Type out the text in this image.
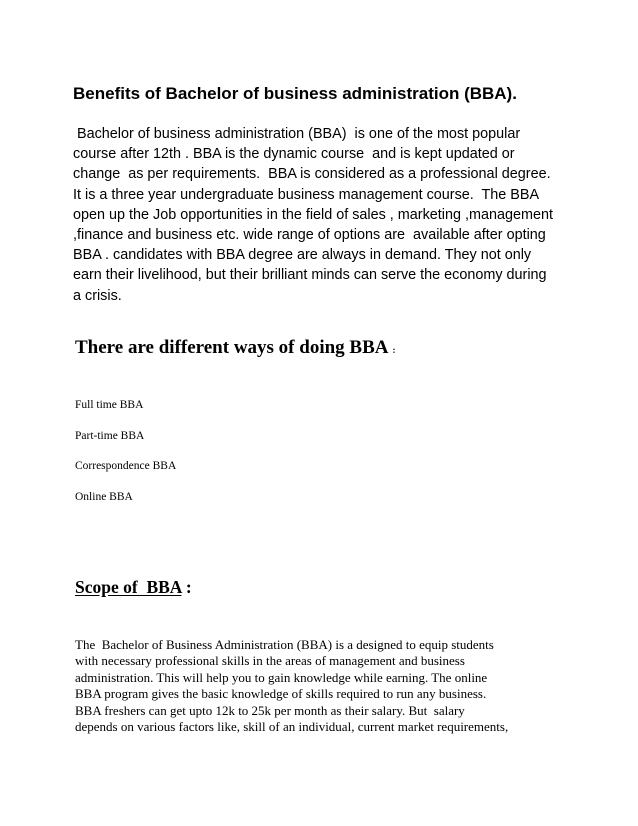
Benefits of Bachelor of business administration (BBA).

Bachelor of business administration (BBA)  is one of the most popular

course after 12th . BBA is the dynamic course  and is kept updated or

change  as per requirements.  BBA is considered as a professional degree.

It is a three year undergraduate business management course.  The BBA

open up the Job opportunities in the field of sales , marketing ,management

,finance and business etc. wide range of options are  available after opting

BBA . candidates with BBA degree are always in demand. They not only

earn their livelihood, but their brilliant minds can serve the economy during

a crisis.

There are different ways of doing BBA :
Full time BBA
Part-time BBA
Correspondence BBA
Online BBA
Scope of  BBA :

The  Bachelor of Business Administration (BBA) is a designed to equip students

with necessary professional skills in the areas of management and business

administration. This will help you to gain knowledge while earning. The online

BBA program gives the basic knowledge of skills required to run any business.

BBA freshers can get upto 12k to 25k per month as their salary. But  salary

depends on various factors like, skill of an individual, current market requirements,
